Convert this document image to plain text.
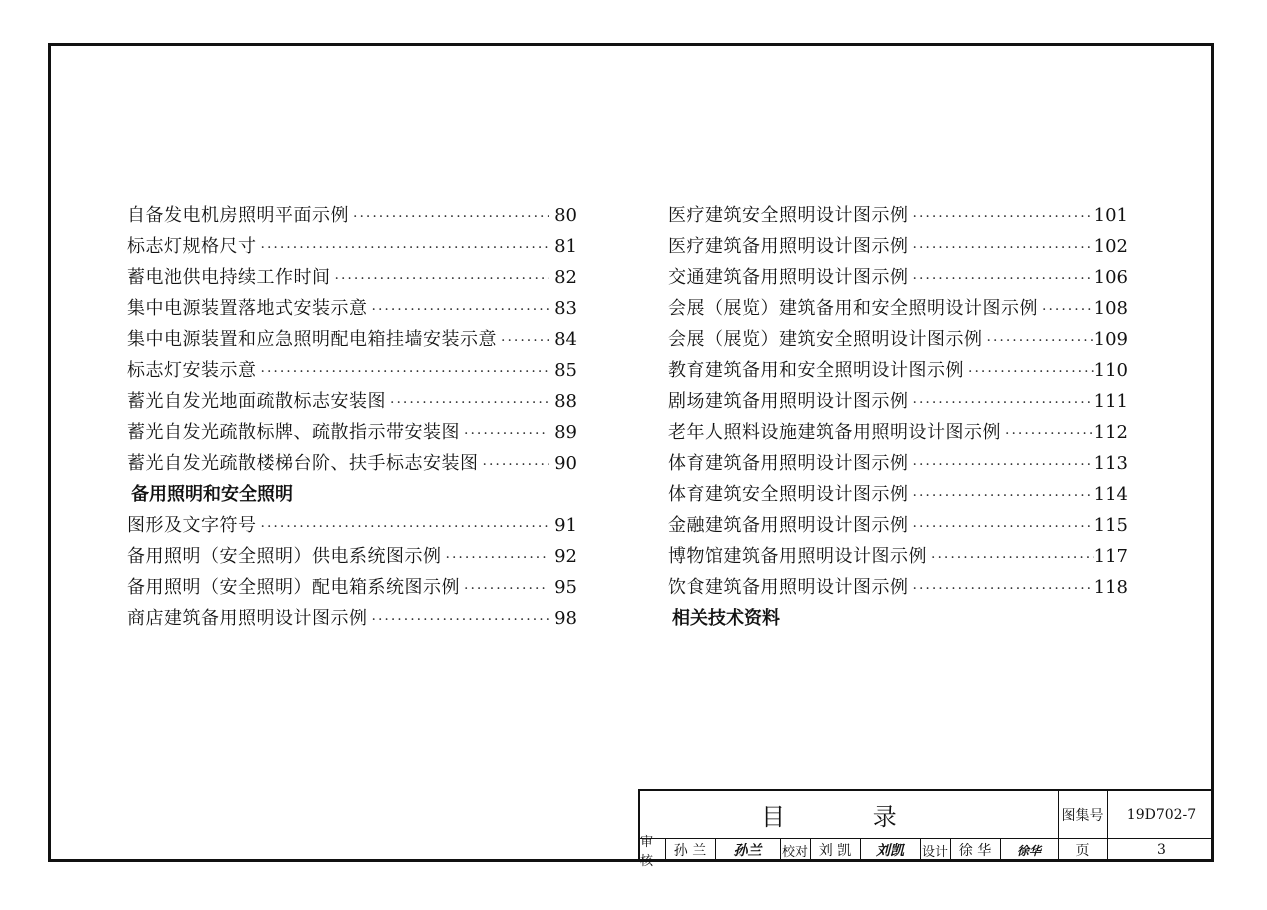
自备发电机房照明平面示例 ·····	80
标志灯规格尺寸 ·····	81
蓄电池供电持续工作时间 ·····	82
集中电源装置落地式安装示意 ·····	83
集中电源装置和应急照明配电箱挂墙安装示意 ·····	84
标志灯安装示意 ·····	85
蓄光自发光地面疏散标志安装图 ·····	88
蓄光自发光疏散标牌、疏散指示带安装图 ·····	89
蓄光自发光疏散楼梯台阶、扶手标志安装图 ·····	90
备用照明和安全照明
图形及文字符号 ·····	91
备用照明（安全照明）供电系统图示例 ·····	92
备用照明（安全照明）配电箱系统图示例 ·····	95
商店建筑备用照明设计图示例 ·····	98
医疗建筑安全照明设计图示例 ·····	101
医疗建筑备用照明设计图示例 ·····	102
交通建筑备用照明设计图示例 ·····	106
会展（展览）建筑备用和安全照明设计图示例 ·····	108
会展（展览）建筑安全照明设计图示例 ·····	109
教育建筑备用和安全照明设计图示例 ·····	110
剧场建筑备用照明设计图示例 ·····	111
老年人照料设施建筑备用照明设计图示例 ·····	112
体育建筑备用照明设计图示例 ·····	113
体育建筑安全照明设计图示例 ·····	114
金融建筑备用照明设计图示例 ·····	115
博物馆建筑备用照明设计图示例 ·····	117
饮食建筑备用照明设计图示例 ·····	118
相关技术资料
目 录	图集号	19D702-7
审核
孙 兰	孙兰	校对 刘 凯	刘凯	设计 徐 华	徐华	页	3
